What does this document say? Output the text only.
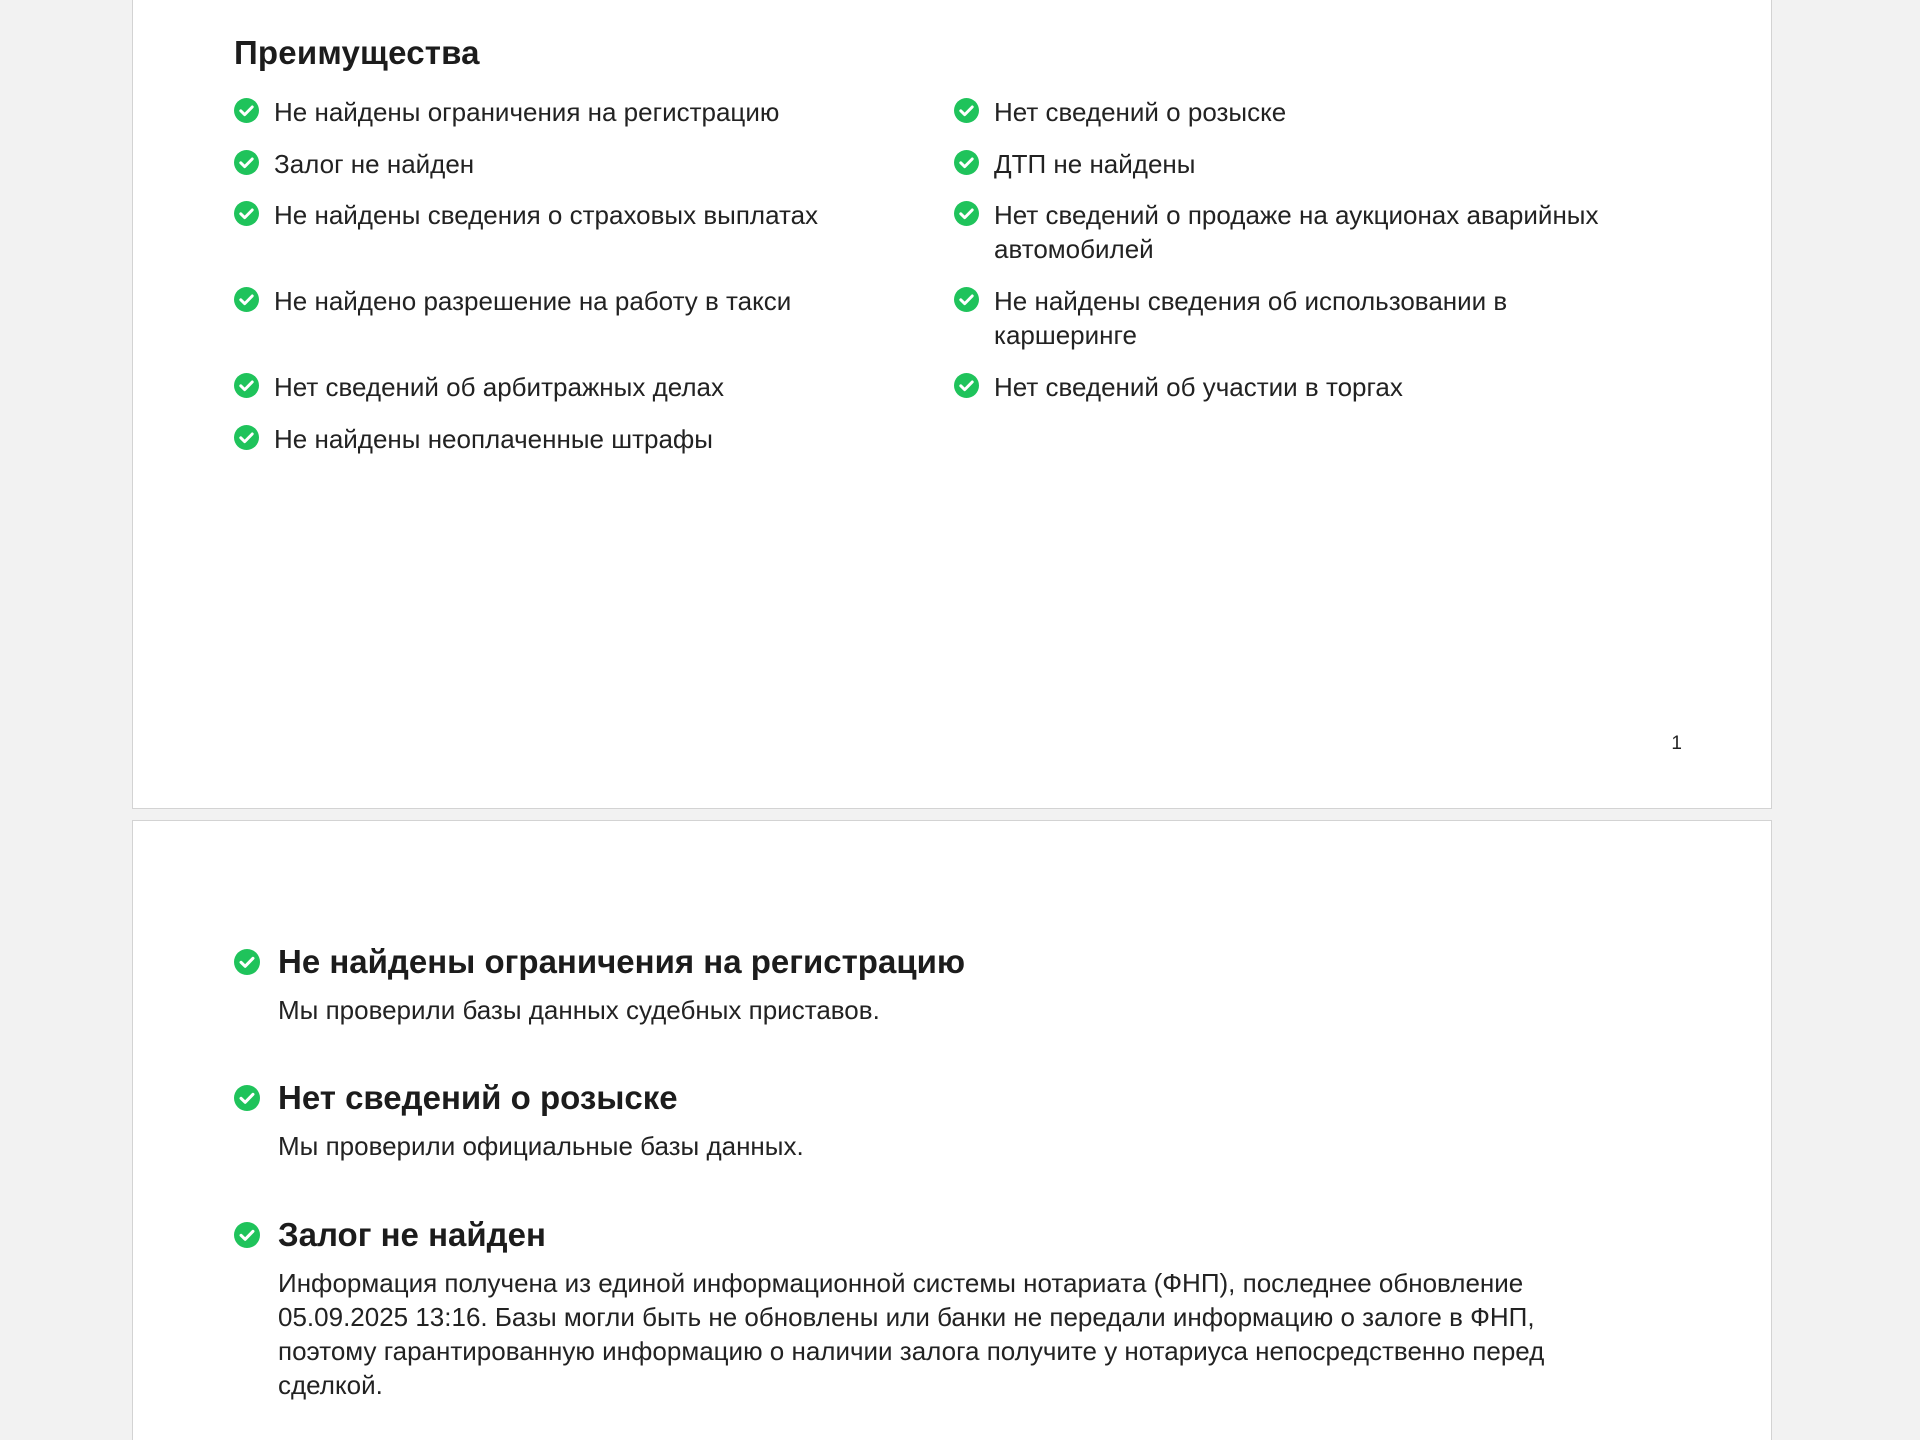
Преимущества
Не найдены ограничения на регистрацию
Залог не найден
Не найдены сведения о страховых выплатах
Не найдено разрешение на работу в такси
Нет сведений об арбитражных делах
Не найдены неоплаченные штрафы
Нет сведений о розыске
ДТП не найдены
Нет сведений о продаже на аукционах аварийных автомобилей
Не найдены сведения об использовании в каршеринге
Нет сведений об участии в торгах
1
Не найдены ограничения на регистрацию

Мы проверили базы данных судебных приставов.

Нет сведений о розыске

Мы проверили официальные базы данных.

Залог не найден

Информация получена из единой информационной системы нотариата (ФНП), последнее обновление 05.09.2025 13:16. Базы могли быть не обновлены или банки не передали информацию о залоге в ФНП, поэтому гарантированную информацию о наличии залога получите у нотариуса непосредственно перед сделкой.
